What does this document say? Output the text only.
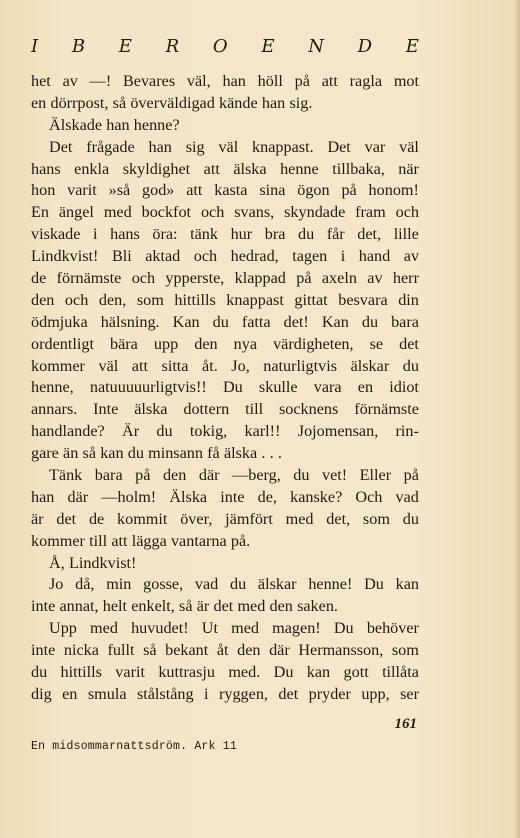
I B E R O E N D E
het av —! Bevares väl, han höll på att ragla mot
en dörrpost, så överväldigad kände han sig.
Älskade han henne?
Det frågade han sig väl knappast. Det var väl
hans enkla skyldighet att älska henne tillbaka, när
hon varit »så god» att kasta sina ögon på honom!
En ängel med bockfot och svans, skyndade fram och
viskade i hans öra: tänk hur bra du får det, lille
Lindkvist! Bli aktad och hedrad, tagen i hand av
de förnämste och ypperste, klappad på axeln av herr
den och den, som hittills knappast gittat besvara din
ödmjuka hälsning. Kan du fatta det! Kan du bara
ordentligt bära upp den nya värdigheten, se det
kommer väl att sitta åt. Jo, naturligtvis älskar du
henne, natuuuuurligtvis!! Du skulle vara en idiot
annars. Inte älska dottern till socknens förnämste
handlande? Är du tokig, karl!! Jojomensan, rin-
gare än så kan du minsann få älska . . .
Tänk bara på den där —berg, du vet! Eller på
han där —holm! Älska inte de, kanske? Och vad
är det de kommit över, jämfört med det, som du
kommer till att lägga vantarna på.
Å, Lindkvist!
Jo då, min gosse, vad du älskar henne! Du kan
inte annat, helt enkelt, så är det med den saken.
Upp med huvudet! Ut med magen! Du behöver
inte nicka fullt så bekant åt den där Hermansson, som
du hittills varit kuttrasju med. Du kan gott tillåta
dig en smula stålstång i ryggen, det pryder upp, ser
161
En midsommarnattsdröm. Ark 11
